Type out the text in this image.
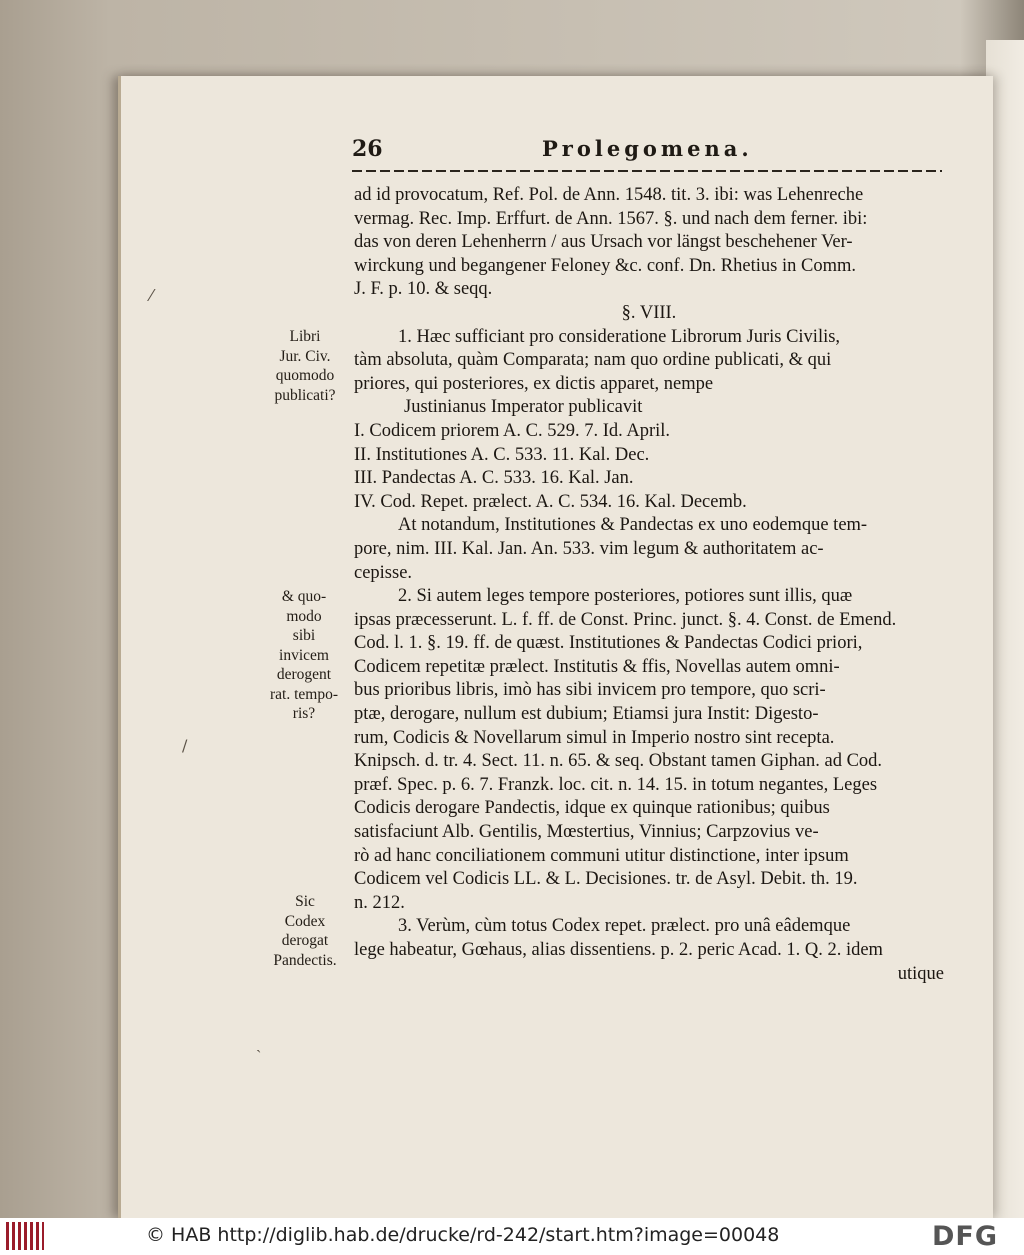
⁄
/
ˏ
26	Prolegomena.
ad id provocatum, Ref. Pol. de Ann. 1548. tit. 3. ibi: was Lehenreche
vermag. Rec. Imp. Erffurt. de Ann. 1567. §. und nach dem ferner. ibi:
das von deren Lehenherrn / aus Ursach vor längst beschehener Ver-
wirckung und begangener Feloney &c. conf. Dn. Rhetius in Comm.
J. F. p. 10. & seqq.
§. VIII.
1. Hæc sufficiant pro consideratione Librorum Juris Civilis,
tàm absoluta, quàm Comparata; nam quo ordine publicati, & qui
priores, qui posteriores, ex dictis apparet, nempe
Justinianus Imperator publicavit
I. Codicem priorem A. C. 529. 7. Id. April.
II. Institutiones A. C. 533. 11. Kal. Dec.
III. Pandectas A. C. 533. 16. Kal. Jan.
IV. Cod. Repet. prælect. A. C. 534. 16. Kal. Decemb.
At notandum, Institutiones & Pandectas ex uno eodemque tem-
pore, nim. III. Kal. Jan. An. 533. vim legum & authoritatem ac-
cepisse.
2. Si autem leges tempore posteriores, potiores sunt illis, quæ
ipsas præcesserunt. L. f. ff. de Const. Princ. junct. §. 4. Const. de Emend.
Cod. l. 1. §. 19. ff. de quæst. Institutiones & Pandectas Codici priori,
Codicem repetitæ prælect. Institutis & ffis, Novellas autem omni-
bus prioribus libris, imò has sibi invicem pro tempore, quo scri-
ptæ, derogare, nullum est dubium; Etiamsi jura Instit: Digesto-
rum, Codicis & Novellarum simul in Imperio nostro sint recepta.
Knipsch. d. tr. 4. Sect. 11. n. 65. & seq. Obstant tamen Giphan. ad Cod.
præf. Spec. p. 6. 7. Franzk. loc. cit. n. 14. 15. in totum negantes, Leges
Codicis derogare Pandectis, idque ex quinque rationibus; quibus
satisfaciunt Alb. Gentilis, Mœstertius, Vinnius; Carpzovius ve-
rò ad hanc conciliationem communi utitur distinctione, inter ipsum
Codicem vel Codicis LL. & L. Decisiones. tr. de Asyl. Debit. th. 19.
n. 212.
3. Verùm, cùm totus Codex repet. prælect. pro unâ eâdemque
lege habeatur, Gœhaus, alias dissentiens. p. 2. peric Acad. 1. Q. 2. idem
utique
Libri
Jur. Civ.
quomodo
publicati?
& quo-
modo
sibi
invicem
derogent
rat. tempo-
ris?
Sic
Codex
derogat
Pandectis.
© HAB http://diglib.hab.de/drucke/rd-242/start.htm?image=00048	DFG
